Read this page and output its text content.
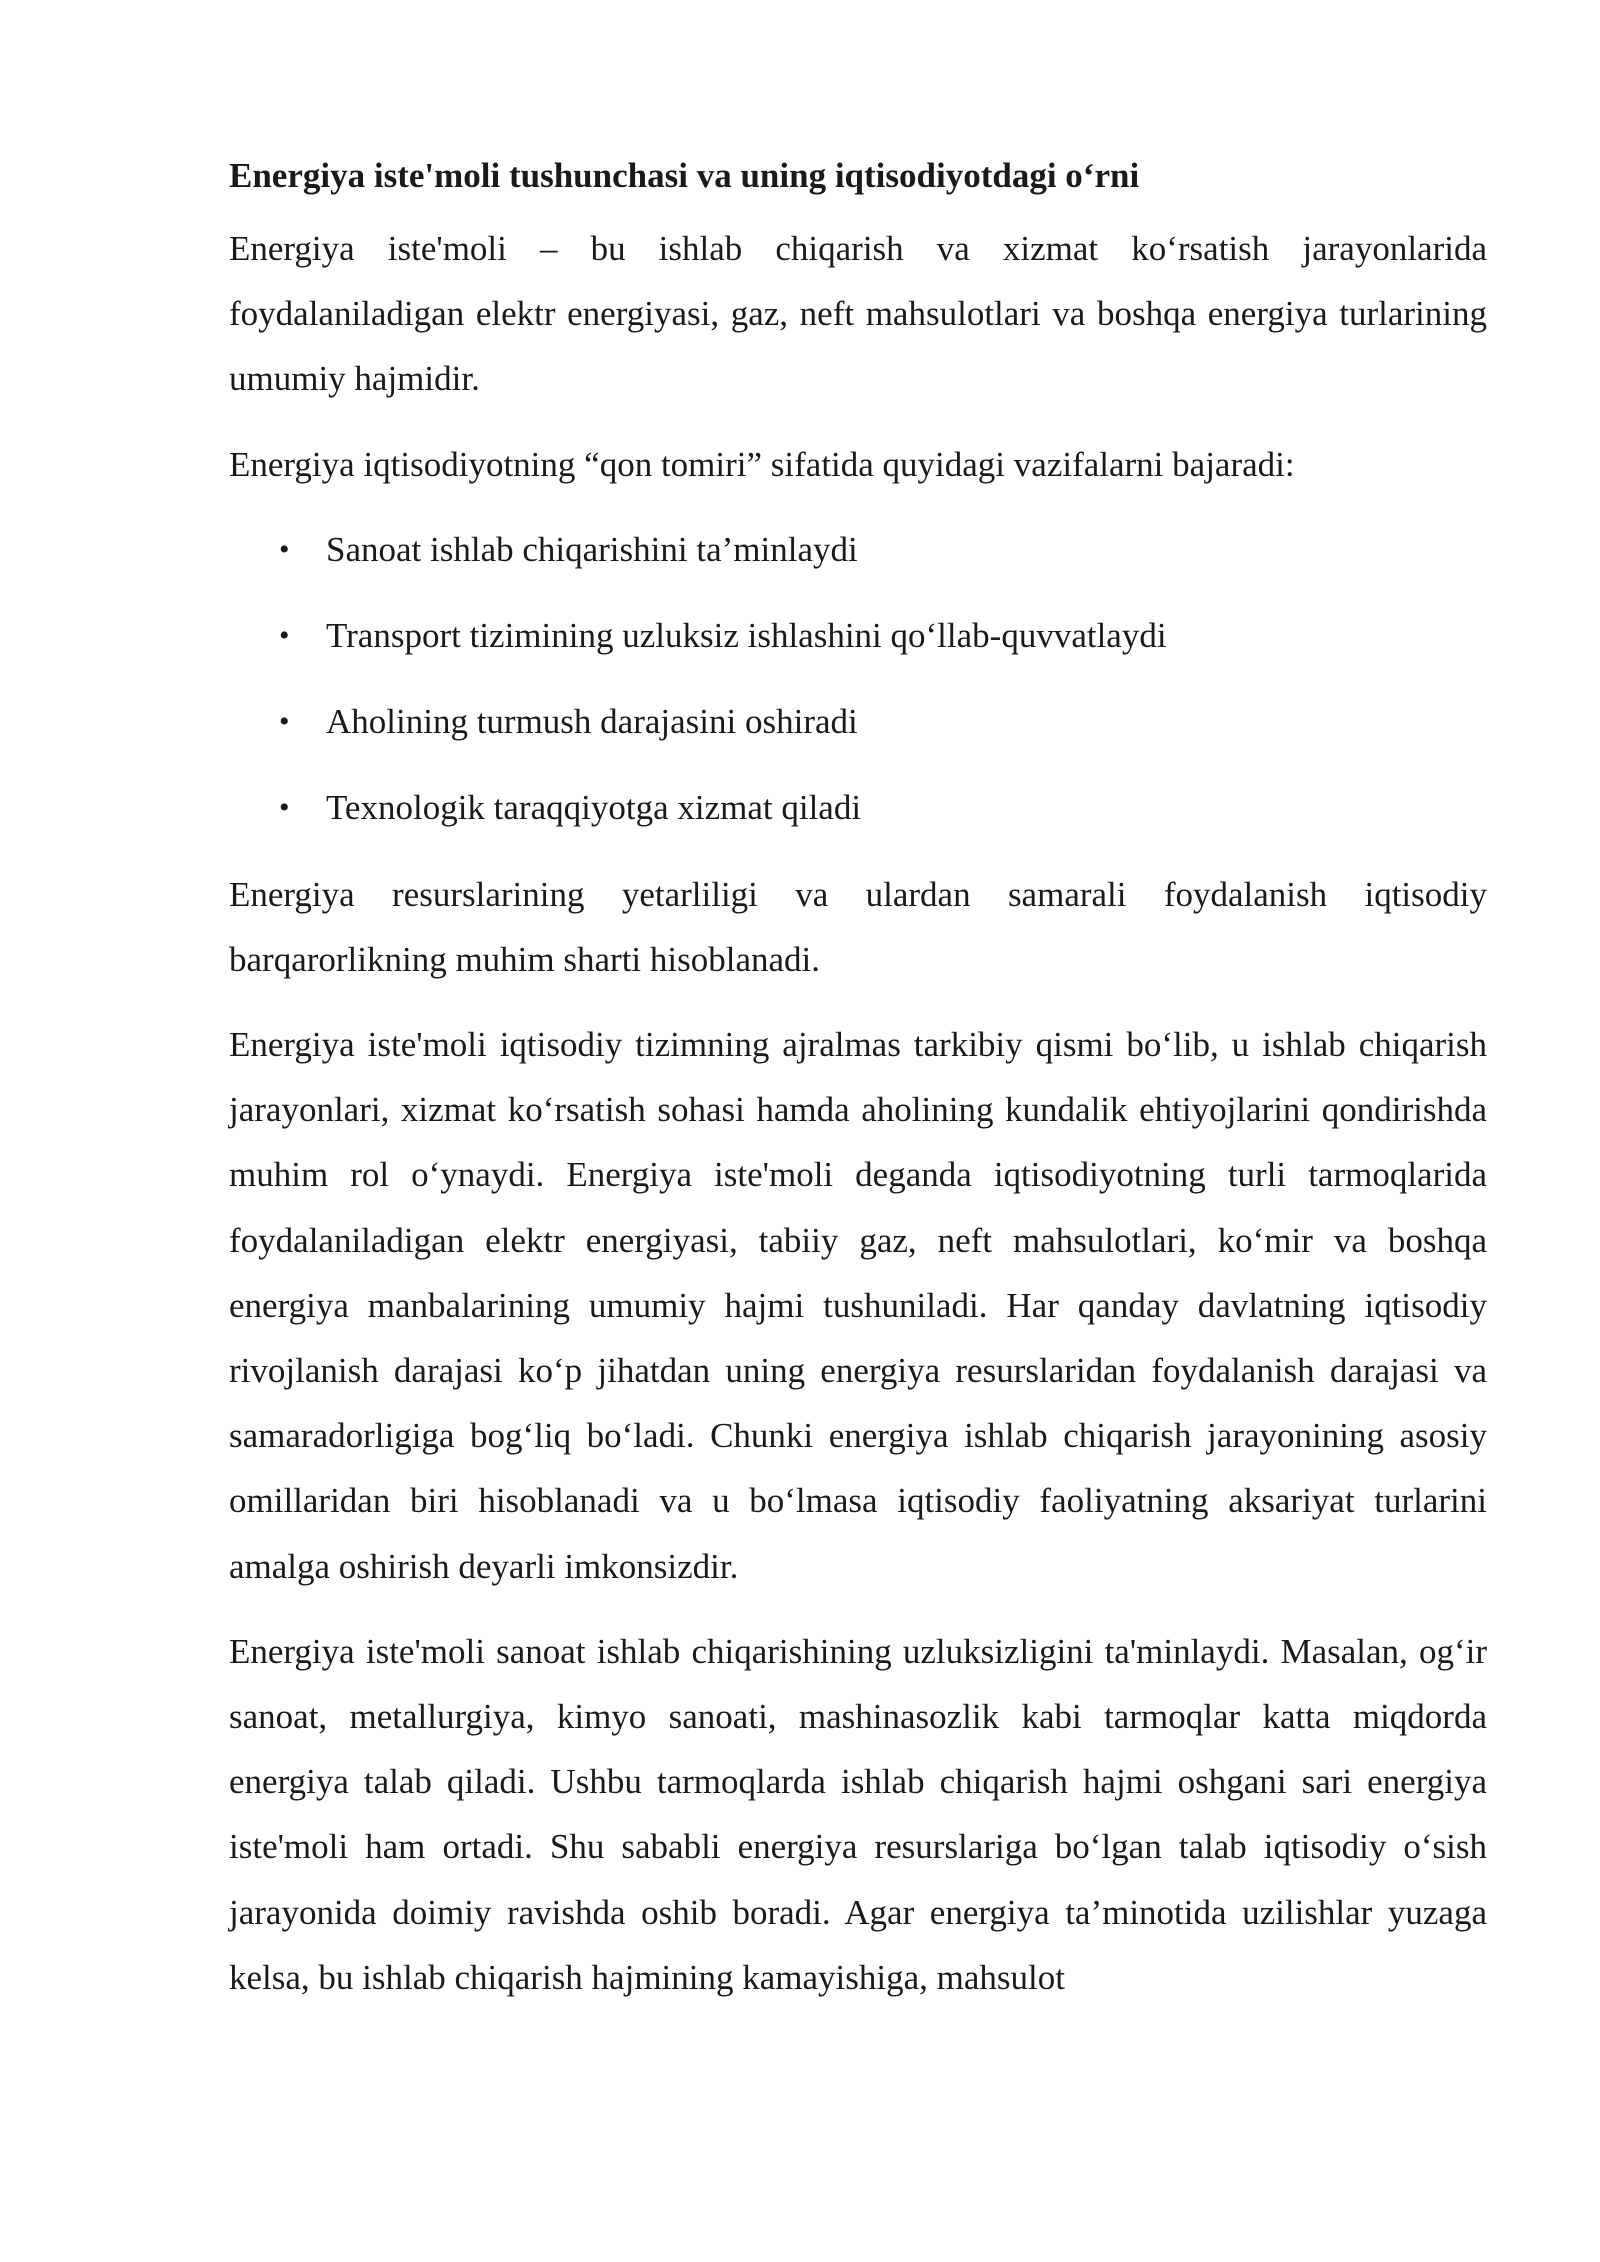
Energiya iste'moli tushunchasi va uning iqtisodiyotdagi o‘rni

Energiya iste'moli – bu ishlab chiqarish va xizmat ko‘rsatish jarayonlarida foydalaniladigan elektr energiyasi, gaz, neft mahsulotlari va boshqa energiya turlarining umumiy hajmidir.

Energiya iqtisodiyotning “qon tomiri” sifatida quyidagi vazifalarni bajaradi:

• Sanoat ishlab chiqarishini ta’minlaydi
• Transport tizimining uzluksiz ishlashini qo‘llab-quvvatlaydi
• Aholining turmush darajasini oshiradi
• Texnologik taraqqiyotga xizmat qiladi

Energiya resurslarining yetarliligi va ulardan samarali foydalanish iqtisodiy barqarorlikning muhim sharti hisoblanadi.

Energiya iste'moli iqtisodiy tizimning ajralmas tarkibiy qismi bo‘lib, u ishlab chiqarish jarayonlari, xizmat ko‘rsatish sohasi hamda aholining kundalik ehtiyojlarini qondirishda muhim rol o‘ynaydi. Energiya iste'moli deganda iqtisodiyotning turli tarmoqlarida foydalaniladigan elektr energiyasi, tabiiy gaz, neft mahsulotlari, ko‘mir va boshqa energiya manbalarining umumiy hajmi tushuniladi. Har qanday davlatning iqtisodiy rivojlanish darajasi ko‘p jihatdan uning energiya resurslaridan foydalanish darajasi va samaradorligiga bog‘liq bo‘ladi. Chunki energiya ishlab chiqarish jarayonining asosiy omillaridan biri hisoblanadi va u bo‘lmasa iqtisodiy faoliyatning aksariyat turlarini amalga oshirish deyarli imkonsizdir.

Energiya iste'moli sanoat ishlab chiqarishining uzluksizligini ta'minlaydi. Masalan, og‘ir sanoat, metallurgiya, kimyo sanoati, mashinasozlik kabi tarmoqlar katta miqdorda energiya talab qiladi. Ushbu tarmoqlarda ishlab chiqarish hajmi oshgani sari energiya iste'moli ham ortadi. Shu sababli energiya resurslariga bo‘lgan talab iqtisodiy o‘sish jarayonida doimiy ravishda oshib boradi. Agar energiya ta’minotida uzilishlar yuzaga kelsa, bu ishlab chiqarish hajmining kamayishiga, mahsulot
